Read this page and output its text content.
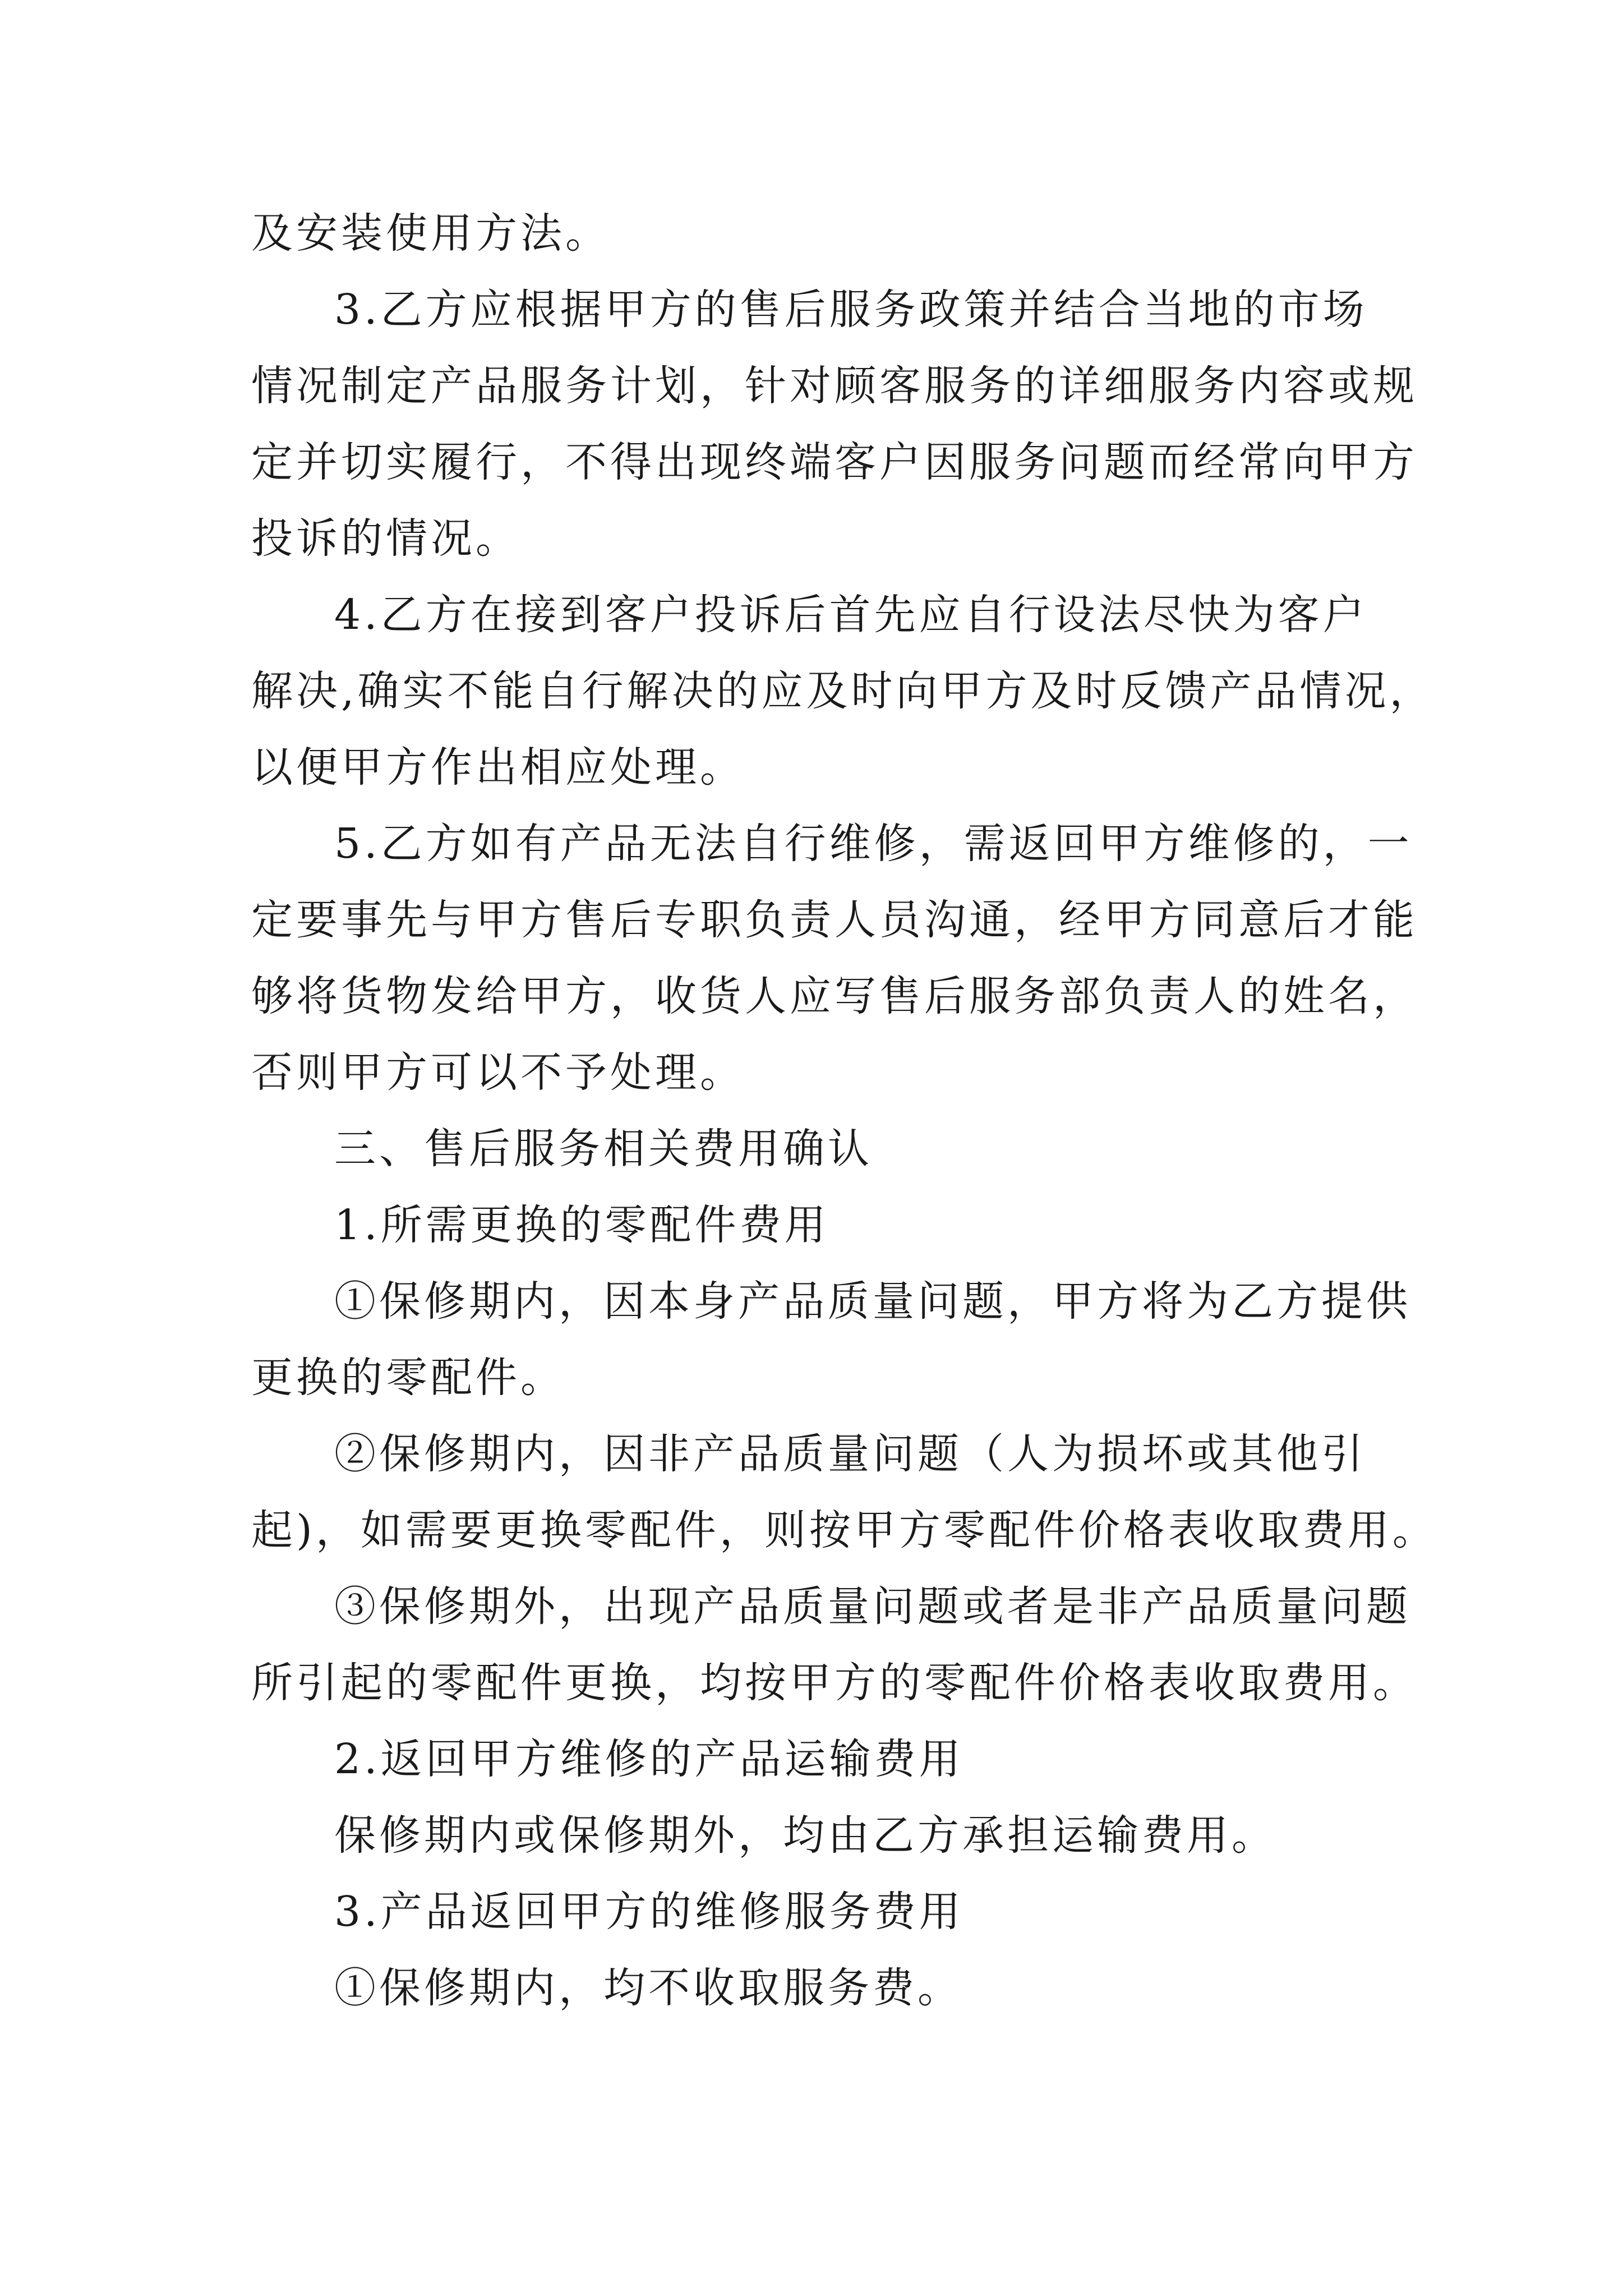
及安装使用方法。
3.乙方应根据甲方的售后服务政策并结合当地的市场
情况制定产品服务计划，针对顾客服务的详细服务内容或规
定并切实履行，不得出现终端客户因服务问题而经常向甲方
投诉的情况。
4.乙方在接到客户投诉后首先应自行设法尽快为客户
解决,确实不能自行解决的应及时向甲方及时反馈产品情况，
以便甲方作出相应处理。
5.乙方如有产品无法自行维修，需返回甲方维修的，一
定要事先与甲方售后专职负责人员沟通，经甲方同意后才能
够将货物发给甲方，收货人应写售后服务部负责人的姓名，
否则甲方可以不予处理。
三、售后服务相关费用确认
1.所需更换的零配件费用
①保修期内，因本身产品质量问题，甲方将为乙方提供
更换的零配件。
②保修期内，因非产品质量问题（人为损坏或其他引
起)，如需要更换零配件，则按甲方零配件价格表收取费用。
③保修期外，出现产品质量问题或者是非产品质量问题
所引起的零配件更换，均按甲方的零配件价格表收取费用。
2.返回甲方维修的产品运输费用
保修期内或保修期外，均由乙方承担运输费用。
3.产品返回甲方的维修服务费用
①保修期内，均不收取服务费。
